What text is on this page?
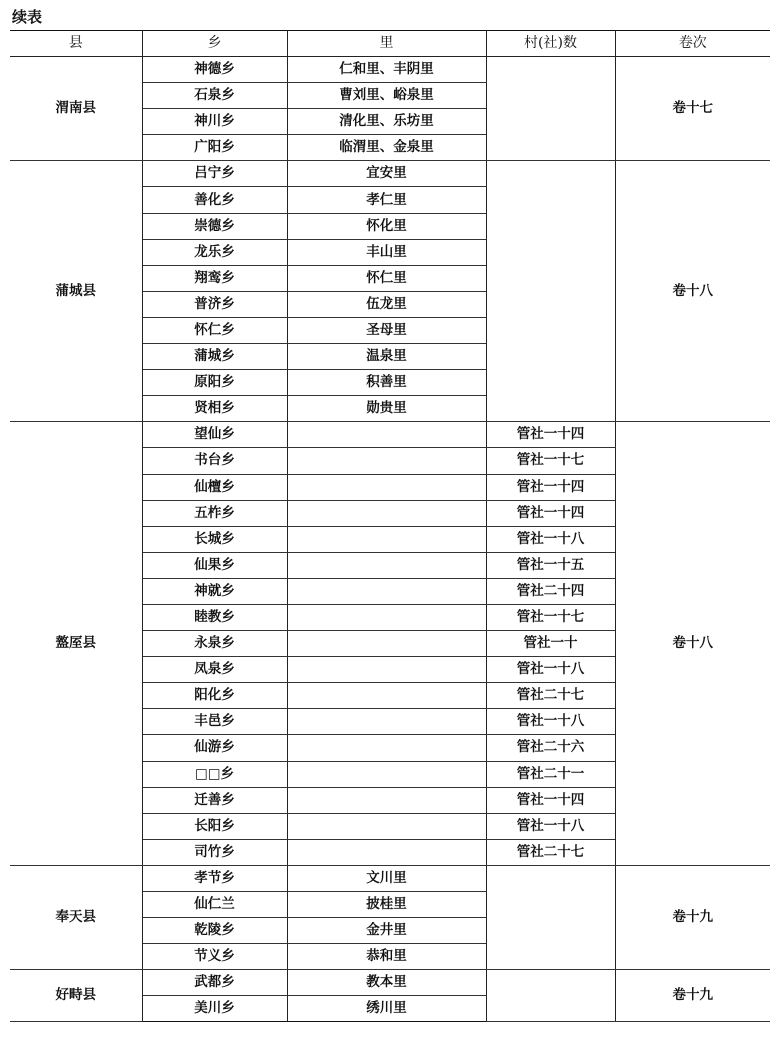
续表
县	乡	里	村(社)数	卷次
渭南县	神德乡	仁和里、丰阴里		卷十七
	石泉乡	曹刘里、峪泉里		
	神川乡	清化里、乐坊里		
	广阳乡	临渭里、金泉里		
蒲城县	吕宁乡	宜安里		卷十八
	善化乡	孝仁里		
	崇德乡	怀化里		
	龙乐乡	丰山里		
	翔鸾乡	怀仁里		
	普济乡	伍龙里		
	怀仁乡	圣母里		
	蒲城乡	温泉里		
	原阳乡	积善里		
	贤相乡	勋贵里		
盩厔县	望仙乡		管社一十四	卷十八
	书台乡		管社一十七	
	仙檀乡		管社一十四	
	五柞乡		管社一十四	
	长城乡		管社一十八	
	仙果乡		管社一十五	
	神就乡		管社二十四	
	睦教乡		管社一十七	
	永泉乡		管社一十	
	凤泉乡		管社一十八	
	阳化乡		管社二十七	
	丰邑乡		管社一十八	
	仙游乡		管社二十六	
	□□乡		管社二十一	
	迁善乡		管社一十四	
	长阳乡		管社一十八	
	司竹乡		管社二十七	
奉天县	孝节乡	文川里		卷十九
	仙仁兰	披桂里		
	乾陵乡	金井里		
	节义乡	恭和里		
好畤县	武都乡	教本里		卷十九
	美川乡	绣川里		
